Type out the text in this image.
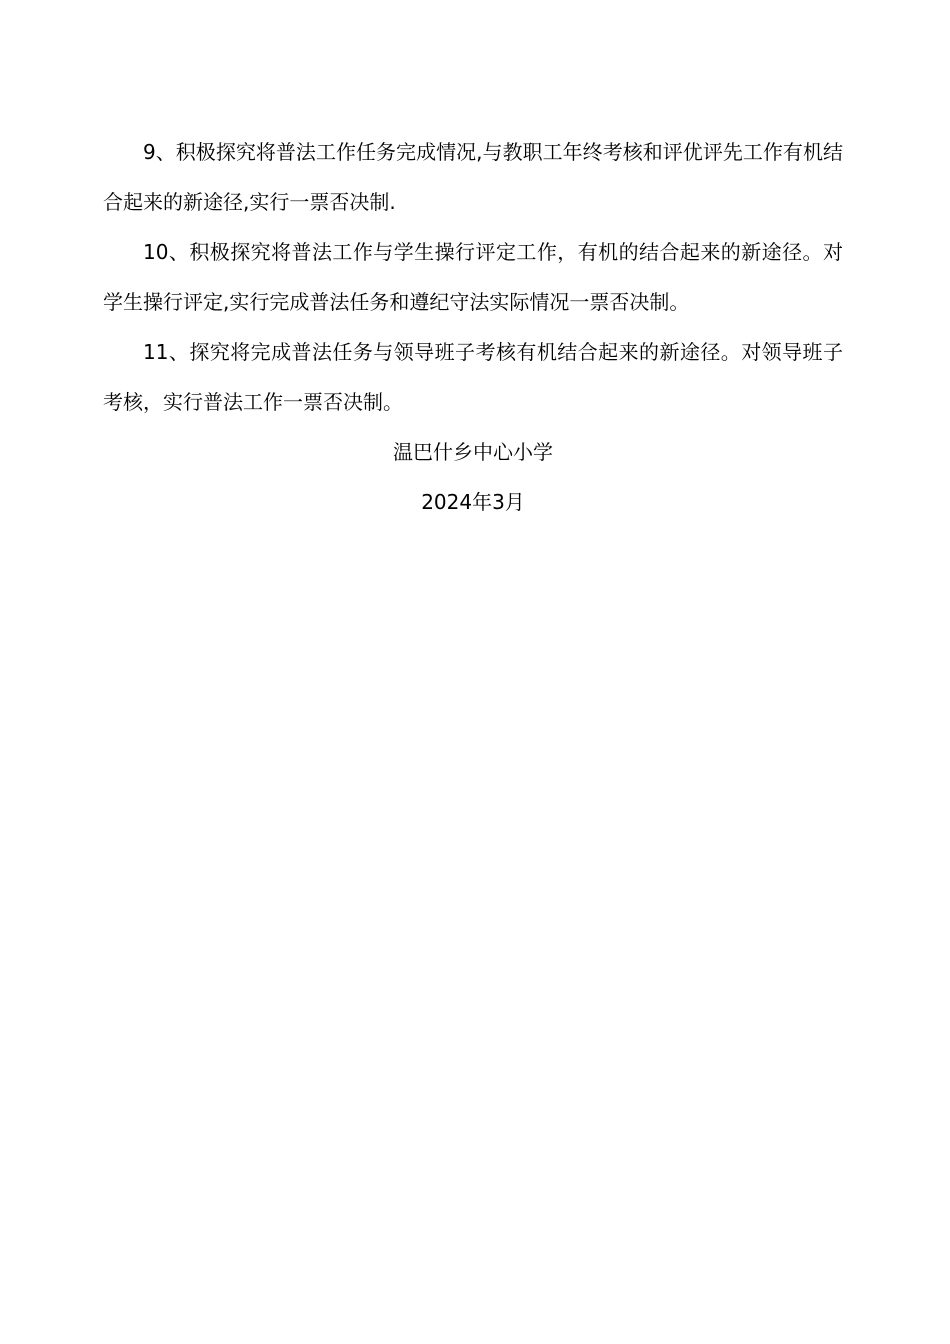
9、积极探究将普法工作任务完成情况,与教职工年终考核和评优评先工作有机结合起来的新途径,实行一票否决制.

10、积极探究将普法工作与学生操行评定工作，有机的结合起来的新途径。对学生操行评定,实行完成普法任务和遵纪守法实际情况一票否决制。

11、探究将完成普法任务与领导班子考核有机结合起来的新途径。对领导班子考核，实行普法工作一票否决制。

温巴什乡中心小学

2024年3月
